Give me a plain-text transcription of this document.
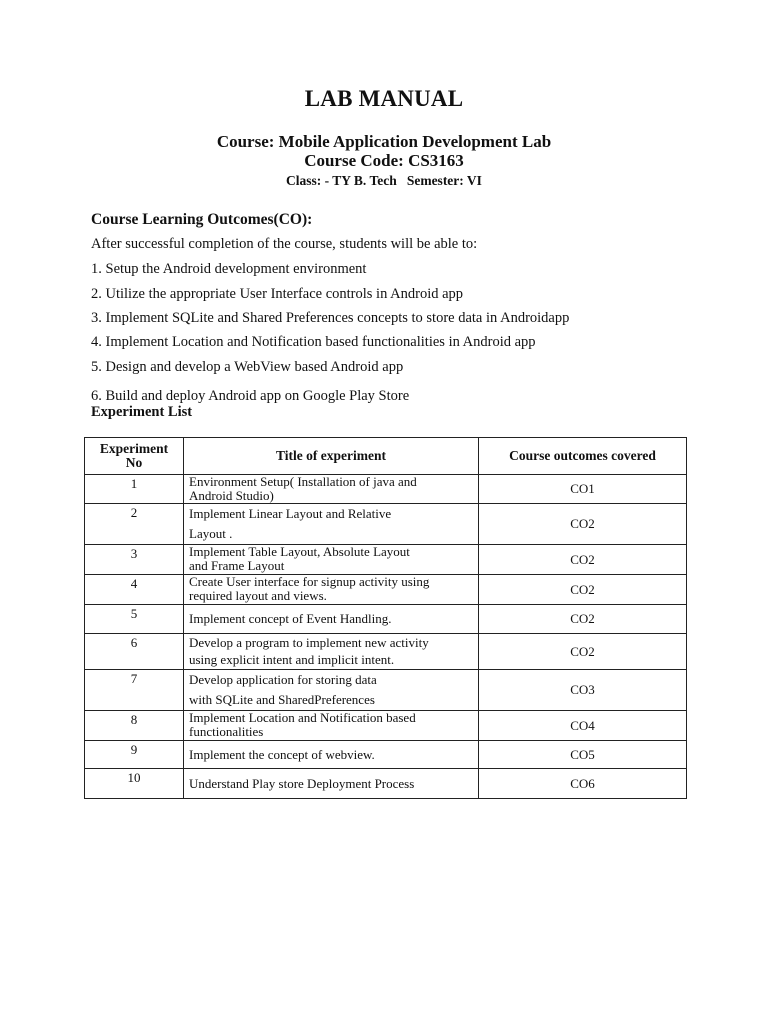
LAB MANUAL
Course: Mobile Application Development Lab
Course Code: CS3163
Class: - TY B. Tech   Semester: VI
Course Learning Outcomes(CO):
After successful completion of the course, students will be able to:
1. Setup the Android development environment
2. Utilize the appropriate User Interface controls in Android app
3. Implement SQLite and Shared Preferences concepts to store data in Androidapp
4. Implement Location and Notification based functionalities in Android app
5. Design and develop a WebView based Android app
6. Build and deploy Android app on Google Play Store
Experiment List
Experiment
No	Title of experiment	Course outcomes covered
1	Environment Setup( Installation of java and
Android Studio)	CO1
2	Implement Linear Layout and Relative
Layout .	CO2
3	Implement Table Layout, Absolute Layout
and Frame Layout	CO2
4	Create User interface for signup activity using
required layout and views.	CO2
5	Implement concept of Event Handling.	CO2
6	Develop a program to implement new activity
using explicit intent and implicit intent.	CO2
7	Develop application for storing data
with SQLite and SharedPreferences	CO3
8	Implement Location and Notification based
functionalities	CO4
9	Implement the concept of webview.	CO5
10	Understand Play store Deployment Process	CO6
